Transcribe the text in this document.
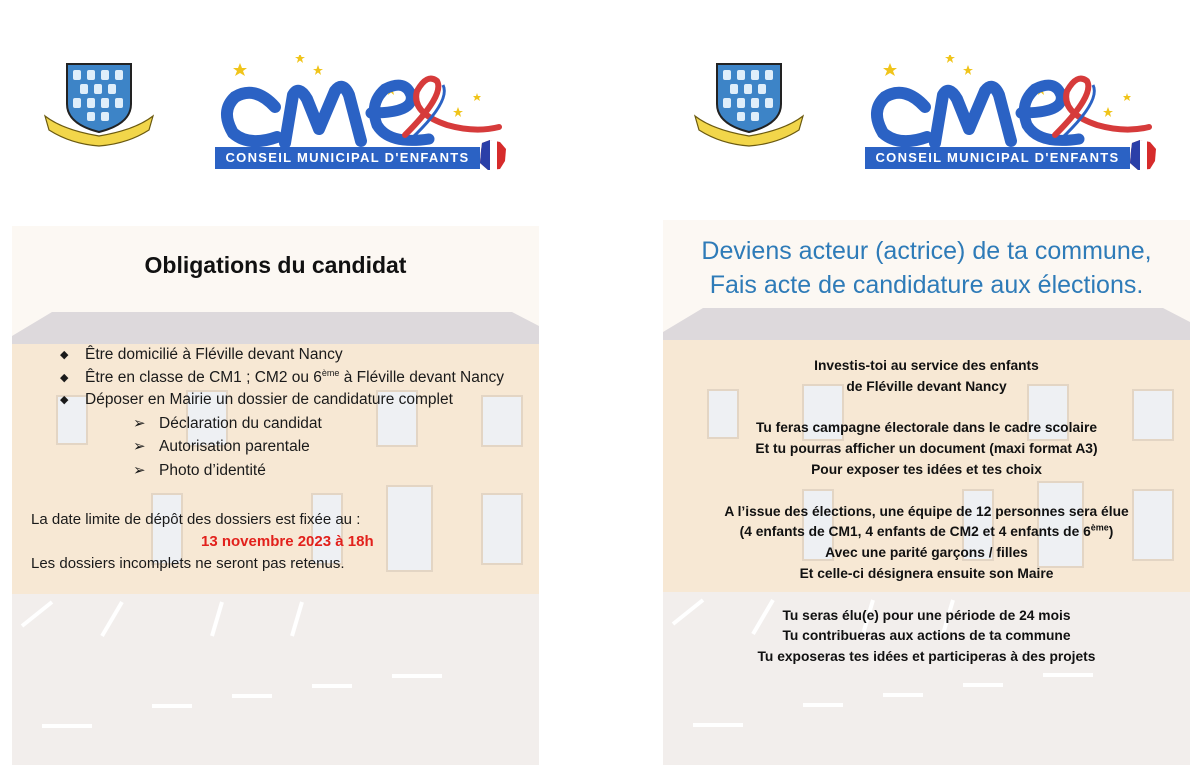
CONSEIL MUNICIPAL D'ENFANTS
Obligations du candidat
◆ Être domicilié à Fléville devant Nancy
◆ Être en classe de CM1 ; CM2 ou 6ème à Fléville devant Nancy
◆ Déposer en Mairie un dossier de candidature complet
➢ Déclaration du candidat
➢ Autorisation parentale
➢ Photo d’identité
La date limite de dépôt des dossiers est fixée au :
13 novembre 2023 à 18h
Les dossiers incomplets ne seront pas retenus.
CONSEIL MUNICIPAL D'ENFANTS
Deviens acteur (actrice) de ta commune,
Fais acte de candidature aux élections.

Investis-toi au service des enfants
de Fléville devant Nancy

Tu feras campagne électorale dans le cadre scolaire
Et tu pourras afficher un document (maxi format A3)
Pour exposer tes idées et tes choix

A l’issue des élections, une équipe de 12 personnes sera élue
(4 enfants de CM1, 4 enfants de CM2 et 4 enfants de 6ème)
Avec une parité garçons / filles
Et celle-ci désignera ensuite son Maire

Tu seras élu(e) pour une période de 24 mois
Tu contribueras aux actions de ta commune
Tu exposeras tes idées et participeras à des projets
